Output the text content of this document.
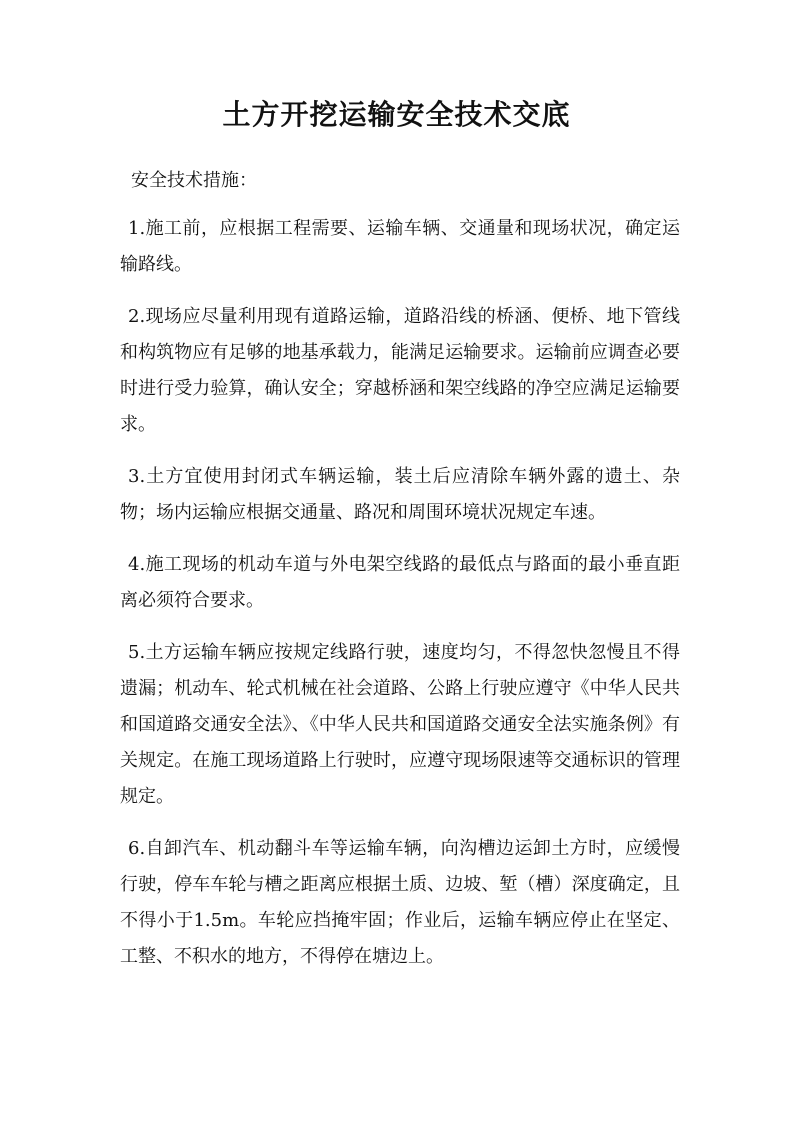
土方开挖运输安全技术交底
安全技术措施：

1.施工前，应根据工程需要、运输车辆、交通量和现场状况，确定运输路线。

2.现场应尽量利用现有道路运输，道路沿线的桥涵、便桥、地下管线和构筑物应有足够的地基承载力，能满足运输要求。运输前应调查必要时进行受力验算，确认安全；穿越桥涵和架空线路的净空应满足运输要求。

3.土方宜使用封闭式车辆运输，装土后应清除车辆外露的遗土、杂物；场内运输应根据交通量、路况和周围环境状况规定车速。

4.施工现场的机动车道与外电架空线路的最低点与路面的最小垂直距离必须符合要求。

5.土方运输车辆应按规定线路行驶，速度均匀，不得忽快忽慢且不得遗漏；机动车、轮式机械在社会道路、公路上行驶应遵守《中华人民共和国道路交通安全法》、《中华人民共和国道路交通安全法实施条例》有关规定。在施工现场道路上行驶时，应遵守现场限速等交通标识的管理规定。

6.自卸汽车、机动翻斗车等运输车辆，向沟槽边运卸土方时，应缓慢行驶，停车车轮与槽之距离应根据土质、边坡、堑（槽）深度确定，且不得小于1.5m。车轮应挡掩牢固；作业后，运输车辆应停止在坚定、工整、不积水的地方，不得停在塘边上。
